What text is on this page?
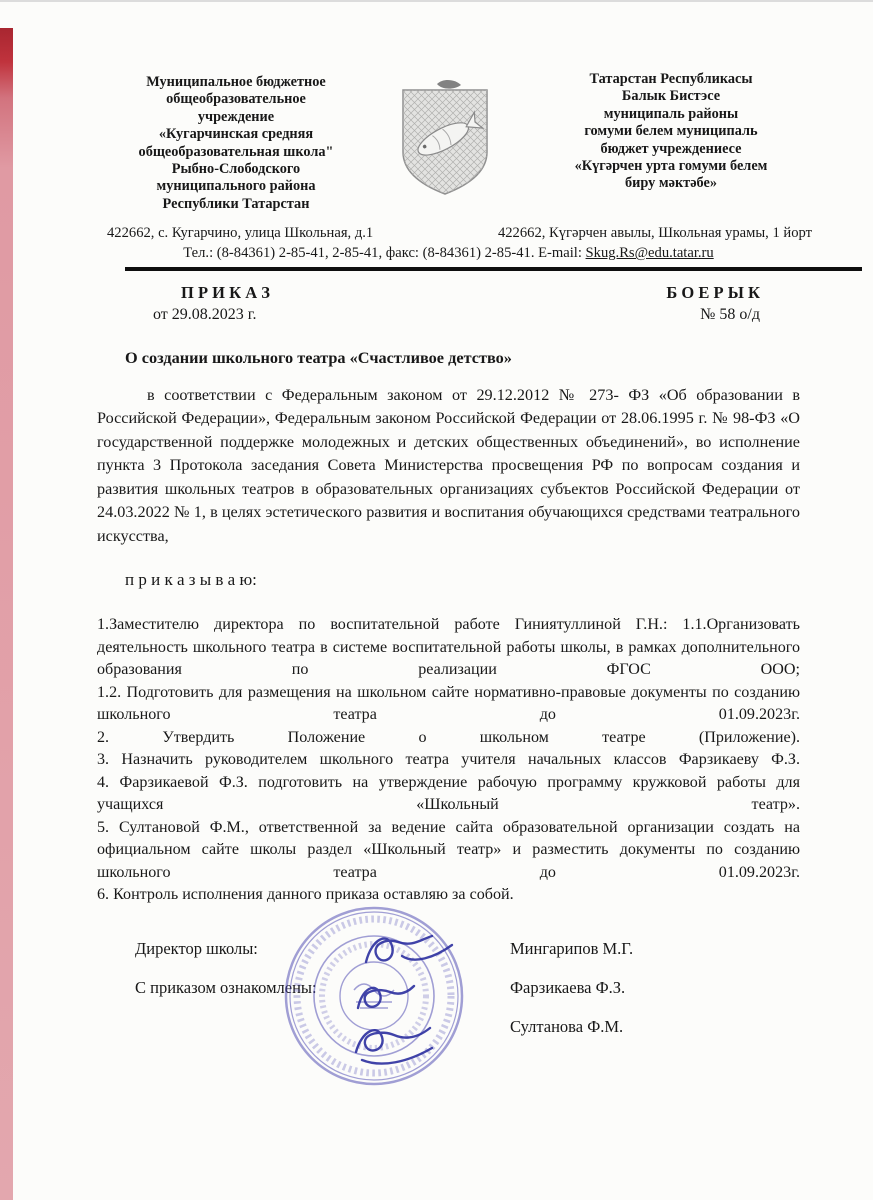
Муниципальное бюджетное
общеобразовательное
учреждение
«Кугарчинская средняя
общеобразовательная школа"
Рыбно-Слободского
муниципального района
Республики Татарстан
Татарстан Республикасы
Балык Бистэсе
муниципаль районы
гомуми белем муниципаль
бюджет учреждениесе
«Күгәрчен урта гомуми белем
биру мәктәбе»
422662, с. Кугарчино, улица Школьная, д.1	422662, Күгәрчен авылы, Школьная урамы, 1 йорт
Тел.: (8-84361) 2-85-41, 2-85-41, факс: (8-84361) 2-85-41. E-mail: Skug.Rs@edu.tatar.ru
П Р И К А З
от 29.08.2023 г.
Б О Е Р Ы К
№ 58 о/д
О создании школьного театра «Счастливое детство»

в соответствии с Федеральным законом от 29.12.2012 № 273- ФЗ «Об образовании в Российской Федерации», Федеральным законом Российской Федерации от 28.06.1995 г. № 98-ФЗ «О государственной поддержке молодежных и детских общественных объединений», во исполнение пункта 3 Протокола заседания Совета Министерства просвещения РФ по вопросам создания и развития школьных театров в образовательных организациях субъектов Российской Федерации от 24.03.2022 № 1, в целях эстетического развития и воспитания обучающихся средствами театрального искусства,

п р и к а з ы в а ю:

1.Заместителю директора по воспитательной работе Гиниятуллиной Г.Н.: 1.1.Организовать деятельность школьного театра в системе воспитательной работы школы, в рамках дополнительного образования по реализации ФГОС ООО;

1.2. Подготовить для размещения на школьном сайте нормативно-правовые документы по созданию школьного театра до 01.09.2023г.

2. Утвердить Положение о школьном театре (Приложение).

3. Назначить руководителем школьного театра учителя начальных классов Фарзикаеву Ф.З.

4. Фарзикаевой Ф.З. подготовить на утверждение рабочую программу кружковой работы для учащихся «Школьный театр».

5. Султановой Ф.М., ответственной за ведение сайта образовательной организации создать на официальном сайте школы раздел «Школьный театр» и разместить документы по созданию школьного театра до 01.09.2023г.

6. Контроль исполнения данного приказа оставляю за собой.

Директор школы:	Мингарипов М.Г.
С приказом ознакомлены:	Фарзикаева Ф.З.
Султанова Ф.М.
